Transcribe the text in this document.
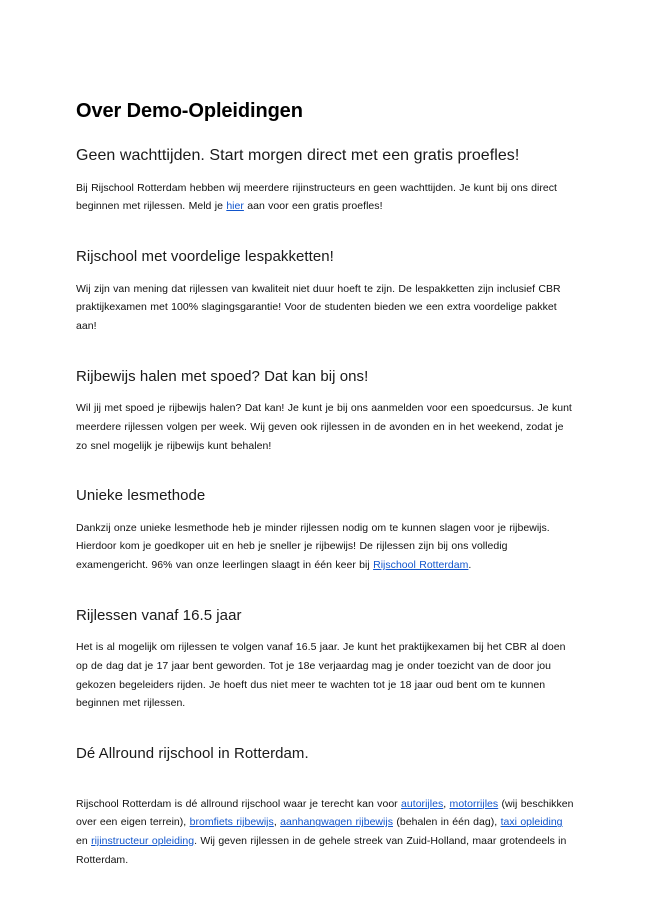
Over Demo-Opleidingen
Geen wachttijden. Start morgen direct met een gratis proefles!

Bij Rijschool Rotterdam hebben wij meerdere rijinstructeurs en geen wachttijden. Je kunt bij ons direct beginnen met rijlessen. Meld je hier aan voor een gratis proefles!

Rijschool met voordelige lespakketten!

Wij zijn van mening dat rijlessen van kwaliteit niet duur hoeft te zijn. De lespakketten zijn inclusief CBR praktijkexamen met 100% slagingsgarantie! Voor de studenten bieden we een extra voordelige pakket aan!

Rijbewijs halen met spoed? Dat kan bij ons!

Wil jij met spoed je rijbewijs halen? Dat kan! Je kunt je bij ons aanmelden voor een spoedcursus. Je kunt meerdere rijlessen volgen per week. Wij geven ook rijlessen in de avonden en in het weekend, zodat je zo snel mogelijk je rijbewijs kunt behalen!

Unieke lesmethode

Dankzij onze unieke lesmethode heb je minder rijlessen nodig om te kunnen slagen voor je rijbewijs. Hierdoor kom je goedkoper uit en heb je sneller je rijbewijs! De rijlessen zijn bij ons volledig examengericht. 96% van onze leerlingen slaagt in één keer bij Rijschool Rotterdam.

Rijlessen vanaf 16.5 jaar

Het is al mogelijk om rijlessen te volgen vanaf 16.5 jaar. Je kunt het praktijkexamen bij het CBR al doen op de dag dat je 17 jaar bent geworden. Tot je 18e verjaardag mag je onder toezicht van de door jou gekozen begeleiders rijden. Je hoeft dus niet meer te wachten tot je 18 jaar oud bent om te kunnen beginnen met rijlessen.

Dé Allround rijschool in Rotterdam.

Rijschool Rotterdam is dé allround rijschool waar je terecht kan voor autorijles, motorrijles (wij beschikken over een eigen terrein), bromfiets rijbewijs, aanhangwagen rijbewijs (behalen in één dag), taxi opleiding en rijinstructeur opleiding. Wij geven rijlessen in de gehele streek van Zuid-Holland, maar grotendeels in Rotterdam.
